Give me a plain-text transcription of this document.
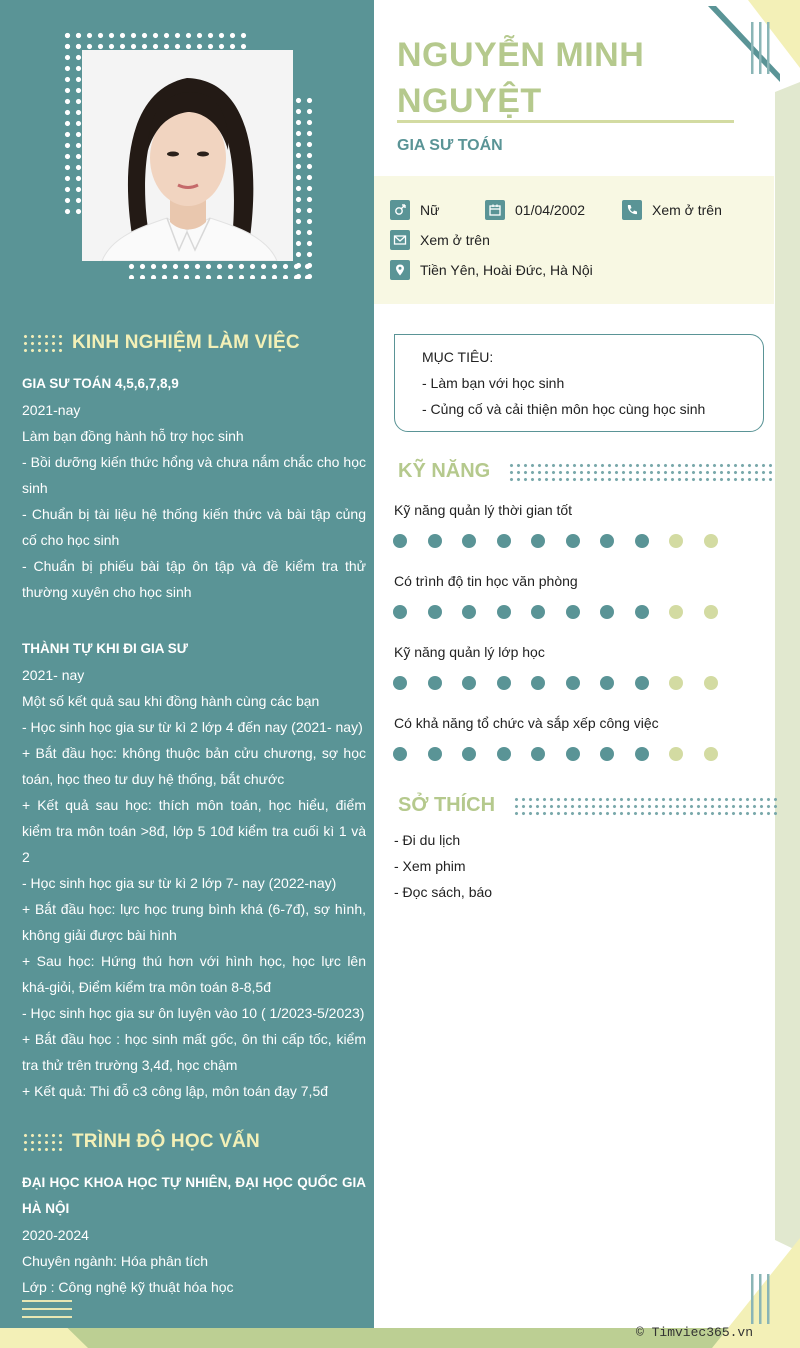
KINH NGHIỆM LÀM VIỆC

GIA SƯ TOÁN 4,5,6,7,8,9

2021-nay

Làm bạn đồng hành hỗ trợ học sinh

- Bồi dưỡng kiến thức hổng và chưa nắm chắc cho học sinh

- Chuẩn bị tài liệu hệ thống kiến thức và bài tập củng cố cho học sinh

- Chuẩn bị phiếu bài tập ôn tập và đề kiểm tra thử thường xuyên cho học sinh

THÀNH TỰ KHI ĐI GIA SƯ

2021- nay

Một số kết quả sau khi đồng hành cùng các bạn

- Học sinh học gia sư từ kì 2 lớp 4 đến nay (2021- nay)

+ Bắt đầu học: không thuộc bản cửu chương, sợ học toán, học theo tư duy hệ thống, bắt chước

+ Kết quả sau học: thích môn toán, học hiểu, điểm kiểm tra môn toán >8đ, lớp 5 10đ kiểm tra cuối kì 1 và 2

- Học sinh học gia sư từ kì 2 lớp 7- nay (2022-nay)

+ Bắt đầu học: lực học trung bình khá (6-7đ), sợ hình, không giải được bài hình

+ Sau học: Hứng thú hơn với hình học, học lực lên khá-giỏi, Điểm kiểm tra môn toán 8-8,5đ

- Học sinh học gia sư ôn luyện vào 10 ( 1/2023-5/2023)

+ Bắt đầu học : học sinh mất gốc, ôn thi cấp tốc, kiểm tra thử trên trường 3,4đ, học chậm

+ Kết quả: Thi đỗ c3 công lập, môn toán đạy 7,5đ

TRÌNH ĐỘ HỌC VẤN

ĐẠI HỌC KHOA HỌC TỰ NHIÊN, ĐẠI HỌC QUỐC GIA HÀ NỘI

2020-2024

Chuyên ngành: Hóa phân tích

Lớp : Công nghệ kỹ thuật hóa học

NGUYỄN MINH NGUYỆT
GIA SƯ TOÁN
Nữ	01/04/2002	Xem ở trên
Xem ở trên
Tiền Yên, Hoài Đức, Hà Nội
MỤC TIÊU:
- Làm bạn với học sinh
- Củng cố và cải thiện môn học cùng học sinh
KỸ NĂNG
Kỹ năng quản lý thời gian tốt
Có trình độ tin học văn phòng
Kỹ năng quản lý lớp học
Có khả năng tổ chức và sắp xếp công việc
SỞ THÍCH
- Đi du lịch
- Xem phim
- Đọc sách, báo
© Timviec365.vn
